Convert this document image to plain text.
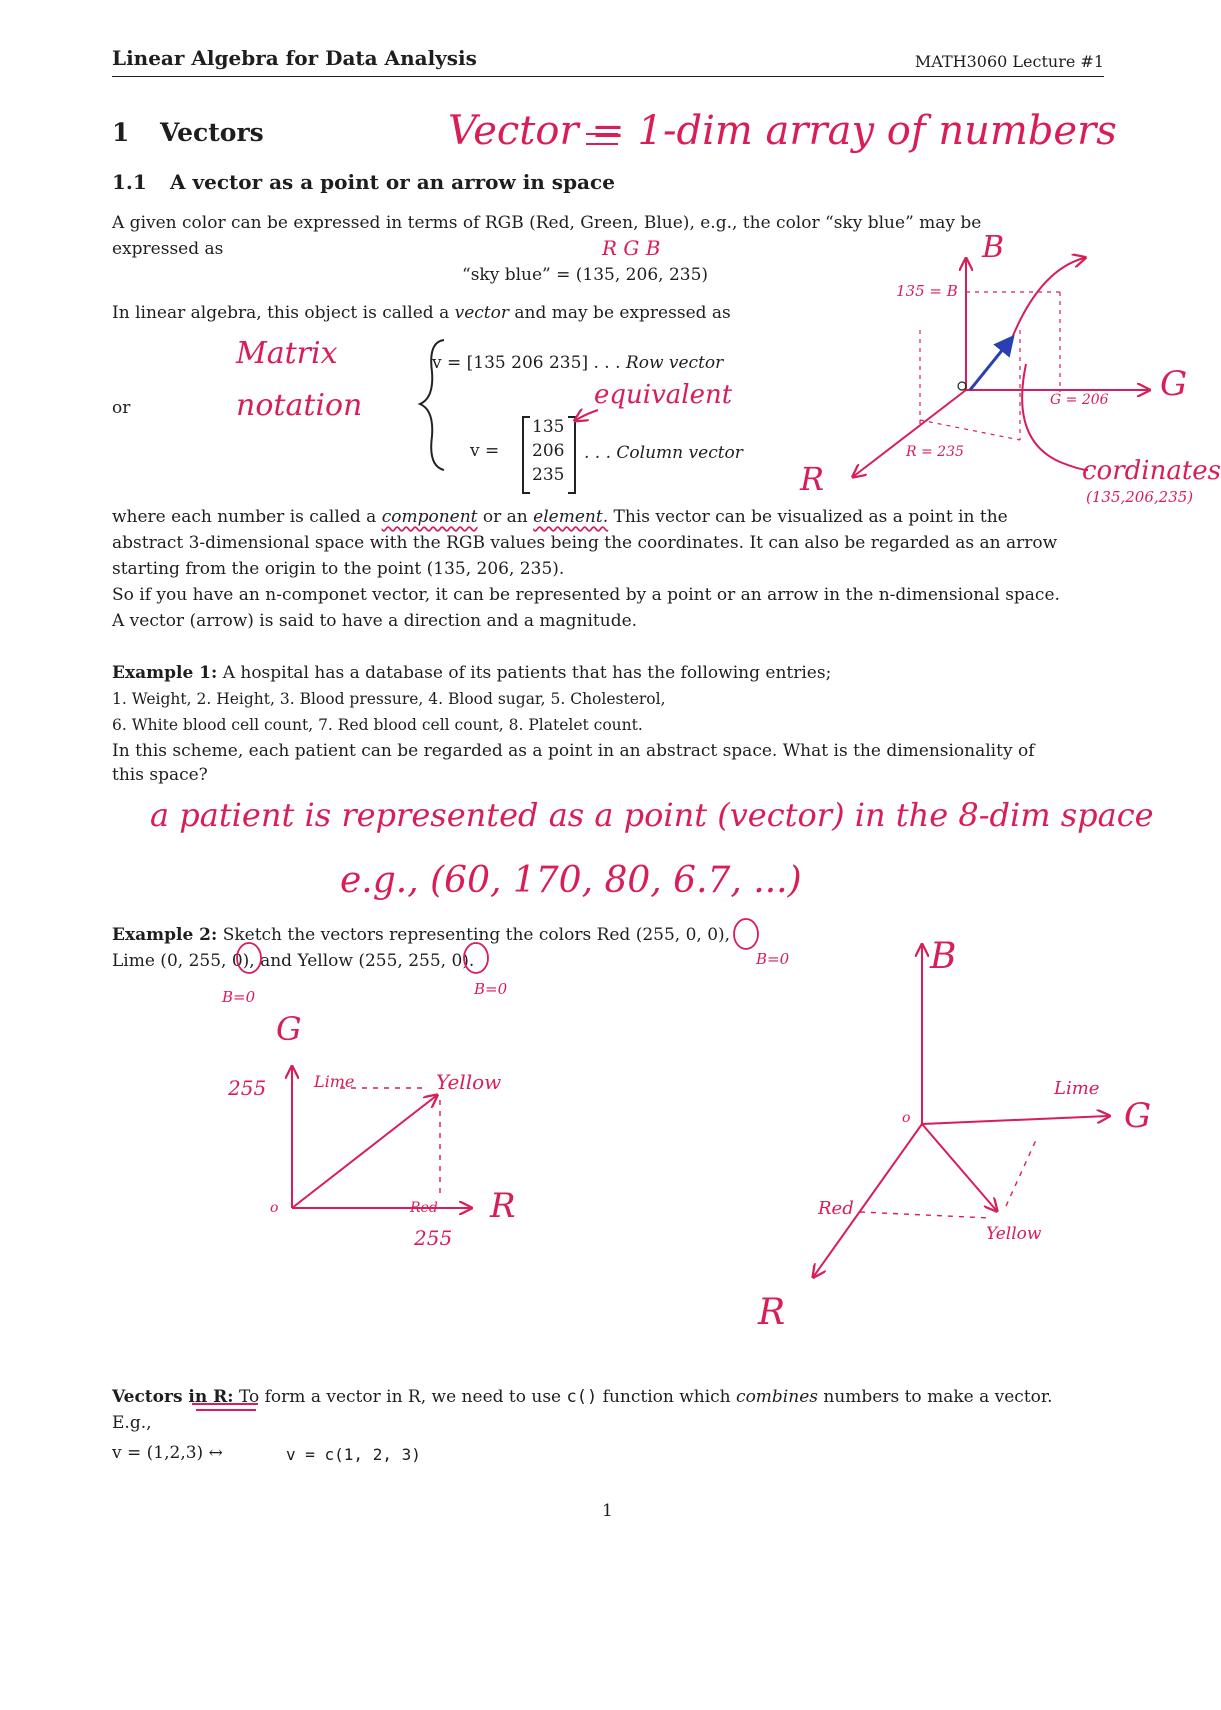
Linear Algebra for Data Analysis	MATH3060 Lecture #1
1 Vectors
1.1 A vector as a point or an arrow in space
A given color can be expressed in terms of RGB (Red, Green, Blue), e.g., the color “sky blue” may be
expressed as
“sky blue” = (135, 206, 235)
In linear algebra, this object is called a vector and may be expressed as
or
v = [135 206 235] . . . Row vector
v =
135
206
235
. . . Column vector
where each number is called a component or an element. This vector can be visualized as a point in the
abstract 3-dimensional space with the RGB values being the coordinates. It can also be regarded as an arrow
starting from the origin to the point (135, 206, 235).
So if you have an n-componet vector, it can be represented by a point or an arrow in the n-dimensional space.
A vector (arrow) is said to have a direction and a magnitude.
Example 1: A hospital has a database of its patients that has the following entries;
1. Weight, 2. Height, 3. Blood pressure, 4. Blood sugar, 5. Cholesterol,
6. White blood cell count, 7. Red blood cell count, 8. Platelet count.
In this scheme, each patient can be regarded as a point in an abstract space. What is the dimensionality of
this space?
Example 2: Sketch the vectors representing the colors Red (255, 0, 0),
Lime (0, 255, 0), and Yellow (255, 255, 0).
Vectors in R: To form a vector in R, we need to use c() function which combines numbers to make a vector.
E.g.,
v = (1,2,3) ↔	v = c(1, 2, 3)
1
Vector = 1-dim array of numbers
R G B
Matrix
notation	equivalent
135 = B
G = 206
R = 235
cordinates
(135,206,235)
R
G
B
a patient is represented as a point (vector) in the 8-dim space
e.g., (60, 170, 80, 6.7, ...)
B=0	B=0
B=0
G
255	Lime	Yellow
o	Red R
255
B
o
Lime
G
Red
Yellow
R
